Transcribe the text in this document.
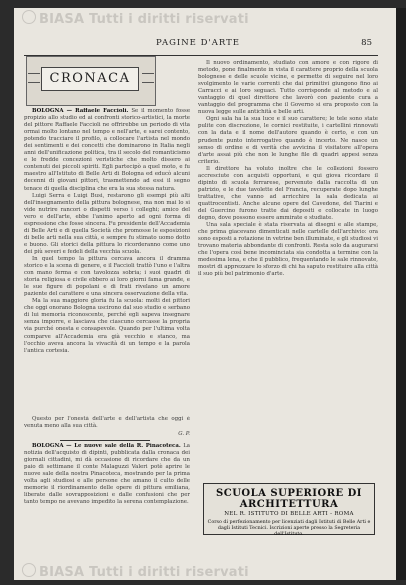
BIASA Tutti i diritti riservati
PAGINE D'ARTE	85
CRONACA

BOLOGNA — Raffaele Faccioli. Se il momento fosse propizio allo studio ed ai confronti storico-artistici, la morte del pittore Raffaele Faccioli ne offrirebbe un periodo di vita ormai molto lontano nel tempo e nell'arte, e sarei contento, potendo tracciare il profilo, a collocare l'artista nel mondo dei sentimenti e dei concetti che dominarono in Italia negli anni dell'unificazione politica, tra il secolo del romanticismo e le fredde concezioni veristiche che molto dissero ai contenuti dei piccoli spiriti. Egli partecipò a quel moto, e fu maestro all'Istituto di Belle Arti di Bologna ed educò alcuni decenni di giovani pittori, trasmettendo ad essi il segno tenace di quella disciplina che era la sua stessa natura.

Luigi Serra e Luigi Busi, restarono gli esempi più alti dell'insegnamento della pittura bolognese, ma non mai lo si vide nutrire rancori o dispetti verso i colleghi; amico del vero e dell'arte, ebbe l'animo aperto ad ogni forma di espressione che fosse sincera. Fu presidente dell'Accademia di Belle Arti e di quella Società che promosse le esposizioni di belle arti nella sua città, e sempre fu stimato uomo dotto e buono. Gli storici della pittura lo ricorderanno come uno dei più severi e fedeli della vecchia scuola.

In quel tempo la pittura cercava ancora il dramma storico e la scena di genere, e il Faccioli trattò l'uno e l'altra con mano ferma e con tavolozza sobria; i suoi quadri di storia religiosa e civile ebbero ai loro giorni fama grande, e le sue figure di popolani e di frati rivelano un amore paziente del carattere e una sincera osservazione della vita.

Ma la sua maggiore gloria fu la scuola: molti dei pittori che oggi onorano Bologna uscirono dal suo studio e serbano di lui memoria riconoscente, perché egli sapeva insegnare senza imporre, e lasciava che ciascuno cercasse la propria via purché onesta e consapevole. Quando per l'ultima volta comparve all'Accademia era già vecchio e stanco, ma l'occhio aveva ancora la vivacità di un tempo e la parola l'antica cortesia.

Questo per l'onestà dell'arte e dell'artista che oggi è venuta meno alla sua città.

G. P.

BOLOGNA — Le nuove sale della R. Pinacoteca. La notizia dell'acquisto di dipinti, pubblicata dalla cronaca dei giornali cittadini, mi dà occasione di ricordare che da un paio di settimane il conte Malaguzzi Valeri potè aprire le nuove sale della nostra Pinacoteca, mostrando per la prima volta agli studiosi e alle persone che amano il culto delle memorie il riordinamento delle opere di pittura emiliana, liberate dalle sovrapposizioni e dalle confusioni che per tanto tempo ne avevano impedito la serena contemplazione.

Il nuovo ordinamento, studiato con amore e con rigore di metodo, pone finalmente in vista il carattere proprio della scuola bolognese e delle scuole vicine, e permette di seguire nel loro svolgimento le varie correnti che dai primitivi giungono fino ai Carracci e ai loro seguaci. Tutto corrisponde al metodo e al vantaggio di quel direttore che lavorò con paziente cura a vantaggio del programma che il Governo si era proposto con la nuova legge sulle antichità e belle arti.

Ogni sala ha la sua luce e il suo carattere; le tele sono state pulite con discrezione, le cornici restituite, i cartellini rinnovati con la data e il nome dell'autore quando è certo, e con un prudente punto interrogativo quando è incerto. Ne nasce un senso di ordine e di verità che avvicina il visitatore all'opera d'arte assai più che non le lunghe file di quadri appesi senza criterio.

Il direttore ha voluto inoltre che le collezioni fossero accresciute con acquisti opportuni, e qui giova ricordare il dipinto di scuola ferrarese, pervenuto dalla raccolta di un patrizio, e le due tavolette del Francia, recuperate dopo lunghe trattative, che vanno ad arricchire la sala dedicata ai quattrocentisti. Anche alcune opere del Cavedone, del Tiarini e del Guercino furono tratte dai depositi e collocate in luogo degno, dove possono essere ammirate e studiate.

Una sala speciale è stata riservata ai disegni e alle stampe, che prima giacevano dimenticati nelle cartelle dell'archivio: ora sono esposti a rotazione in vetrine ben illuminate, e gli studiosi vi trovano materia abbondante di confronti. Resta solo da augurarsi che l'opera così bene incominciata sia condotta a termine con la medesima lena, e che il pubblico, frequentando le sale rinnovate, mostri di apprezzare lo sforzo di chi ha saputo restituire alla città il suo più bel patrimonio d'arte.

SCUOLA SUPERIORE DI ARCHITETTURA
NEL R. ISTITUTO DI BELLE ARTI - ROMA
Corso di perfezionamento per licenziati dagli Istituti di Belle Arti e dagli Istituti Tecnici. Iscrizioni aperte presso la Segreteria dell'Istituto.
BIASA Tutti i diritti riservati
